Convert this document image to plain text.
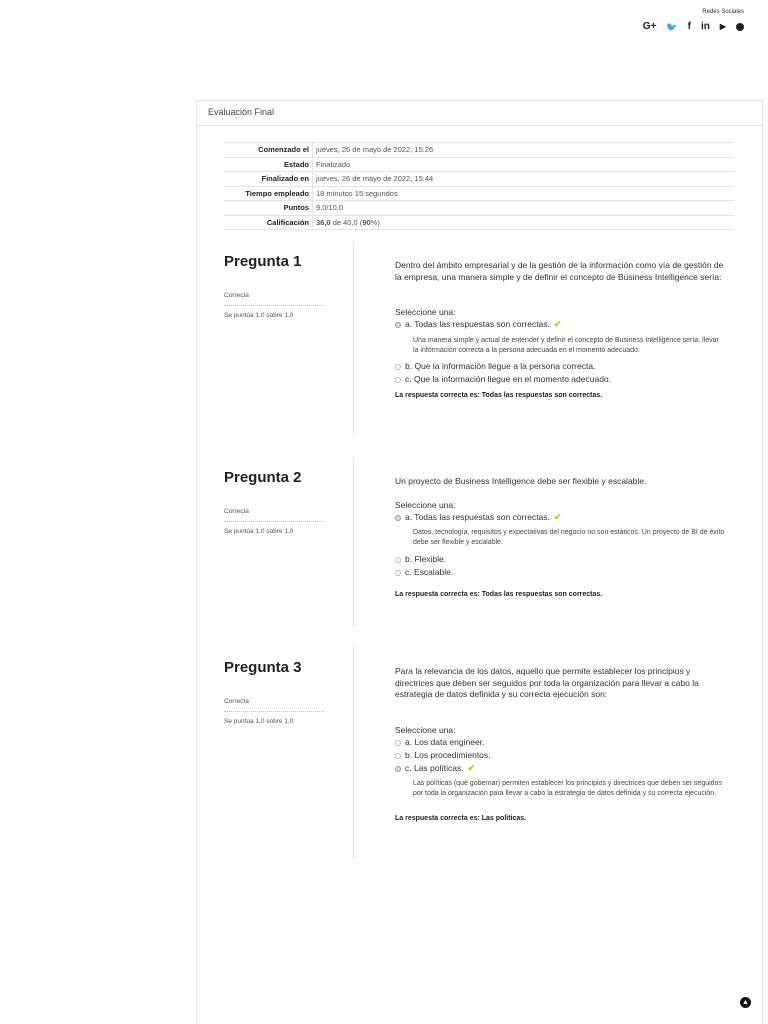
Redes Sociales
G+ 🐦 f in ▶
Evaluación Final
Comenzado el	jueves, 26 de mayo de 2022, 15:26
Estado	Finalizado
Finalizado en	jueves, 26 de mayo de 2022, 15:44
Tiempo empleado	18 minutos 15 segundos
Puntos	9,0/10,0
Calificación	36,0 de 40,0 (90%)
Pregunta 1
Correcta
Se puntúa 1,0 sobre 1,0
Dentro del ámbito empresarial y de la gestión de la información como vía de gestión de la empresa, una manera simple y de definir el concepto de Business Intelligence sería:
Seleccione una:
a. Todas las respuestas son correctas. ✔
Una manera simple y actual de entender y definir el concepto de Business Intelligence sería: llevar la información correcta a la persona adecuada en el momento adecuado.
b. Que la información llegue a la persona correcta.
c. Que la información llegue en el momento adecuado.
La respuesta correcta es: Todas las respuestas son correctas.
Pregunta 2
Correcta
Se puntúa 1,0 sobre 1,0
Un proyecto de Business Intelligence debe ser flexible y escalable.
Seleccione una:
a. Todas las respuestas son correctas. ✔
Datos, tecnología, requisitos y expectativas del negocio no son estáticos. Un proyecto de BI de éxito debe ser flexible y escalable.
b. Flexible.
c. Escalable.
La respuesta correcta es: Todas las respuestas son correctas.
Pregunta 3
Correcta
Se puntúa 1,0 sobre 1,0
Para la relevancia de los datos, aquello que permite establecer los principios y directrices que deben ser seguidos por toda la organización para llevar a cabo la estrategia de datos definida y su correcta ejecución son:
Seleccione una:
a. Los data engineer.
b. Los procedimientos.
c. Las políticas. ✔
Las políticas (qué gobernar) permiten establecer los principios y directrices que deben ser seguidos por toda la organización para llevar a cabo la estrategia de datos definida y su correcta ejecución.
La respuesta correcta es: Las políticas.
▲
